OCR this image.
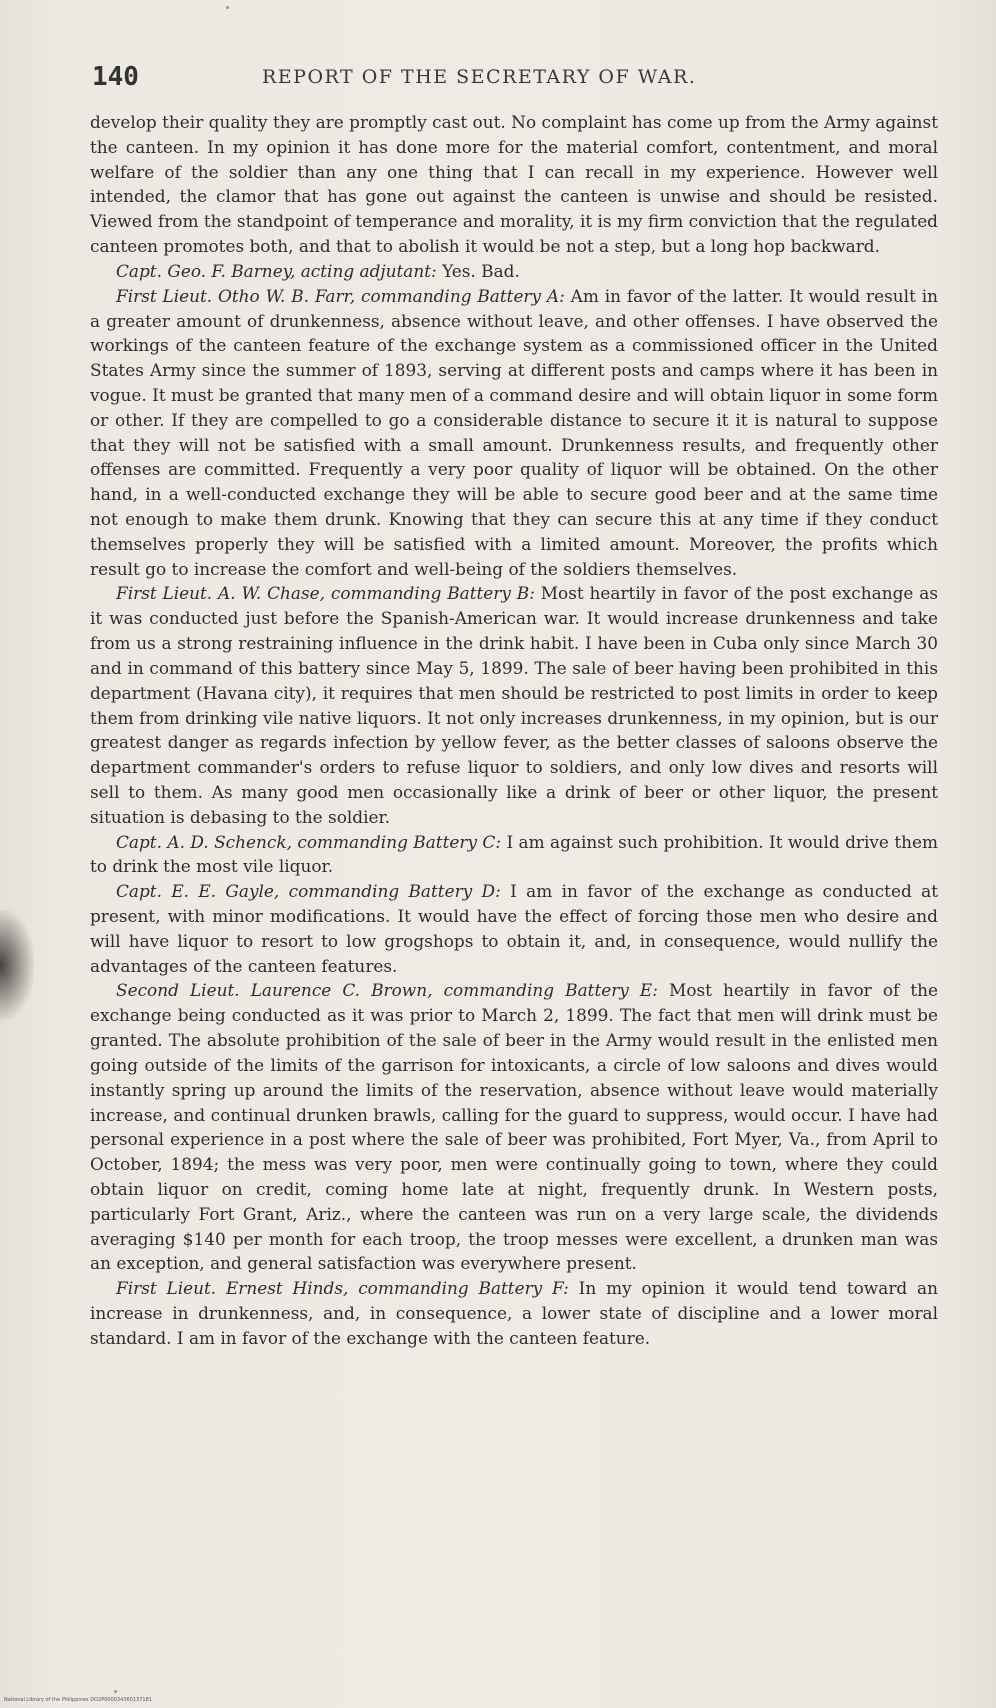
140	REPORT OF THE SECRETARY OF WAR.

develop their quality they are promptly cast out. No complaint has come up from the Army against the canteen. In my opinion it has done more for the material comfort, contentment, and moral welfare of the soldier than any one thing that I can recall in my experience. However well intended, the clamor that has gone out against the canteen is unwise and should be resisted. Viewed from the standpoint of temperance and morality, it is my firm conviction that the regulated canteen promotes both, and that to abolish it would be not a step, but a long hop backward.

Capt. Geo. F. Barney, acting adjutant: Yes. Bad.

First Lieut. Otho W. B. Farr, commanding Battery A: Am in favor of the latter. It would result in a greater amount of drunkenness, absence without leave, and other offenses. I have observed the workings of the canteen feature of the exchange system as a commissioned officer in the United States Army since the summer of 1893, serving at different posts and camps where it has been in vogue. It must be granted that many men of a command desire and will obtain liquor in some form or other. If they are compelled to go a considerable distance to secure it it is natural to suppose that they will not be satisfied with a small amount. Drunkenness results, and frequently other offenses are committed. Frequently a very poor quality of liquor will be obtained. On the other hand, in a well-conducted exchange they will be able to secure good beer and at the same time not enough to make them drunk. Knowing that they can secure this at any time if they conduct themselves properly they will be satisfied with a limited amount. Moreover, the profits which result go to increase the comfort and well-being of the soldiers themselves.

First Lieut. A. W. Chase, commanding Battery B: Most heartily in favor of the post exchange as it was conducted just before the Spanish-American war. It would increase drunkenness and take from us a strong restraining influence in the drink habit. I have been in Cuba only since March 30 and in command of this battery since May 5, 1899. The sale of beer having been prohibited in this department (Havana city), it requires that men should be restricted to post limits in order to keep them from drinking vile native liquors. It not only increases drunkenness, in my opinion, but is our greatest danger as regards infection by yellow fever, as the better classes of saloons observe the department commander's orders to refuse liquor to soldiers, and only low dives and resorts will sell to them. As many good men occasionally like a drink of beer or other liquor, the present situation is debasing to the soldier.

Capt. A. D. Schenck, commanding Battery C: I am against such prohibition. It would drive them to drink the most vile liquor.

Capt. E. E. Gayle, commanding Battery D: I am in favor of the exchange as conducted at present, with minor modifications. It would have the effect of forcing those men who desire and will have liquor to resort to low grogshops to obtain it, and, in consequence, would nullify the advantages of the canteen features.

Second Lieut. Laurence C. Brown, commanding Battery E: Most heartily in favor of the exchange being conducted as it was prior to March 2, 1899. The fact that men will drink must be granted. The absolute prohibition of the sale of beer in the Army would result in the enlisted men going outside of the limits of the garrison for intoxicants, a circle of low saloons and dives would instantly spring up around the limits of the reservation, absence without leave would materially increase, and continual drunken brawls, calling for the guard to suppress, would occur. I have had personal experience in a post where the sale of beer was prohibited, Fort Myer, Va., from April to October, 1894; the mess was very poor, men were continually going to town, where they could obtain liquor on credit, coming home late at night, frequently drunk. In Western posts, particularly Fort Grant, Ariz., where the canteen was run on a very large scale, the dividends averaging $140 per month for each troop, the troop messes were excellent, a drunken man was an exception, and general satisfaction was everywhere present.

First Lieut. Ernest Hinds, commanding Battery F: In my opinion it would tend toward an increase in drunkenness, and, in consequence, a lower state of discipline and a lower moral standard. I am in favor of the exchange with the canteen feature.

National Library of the Philippines DO2P000034360137181
